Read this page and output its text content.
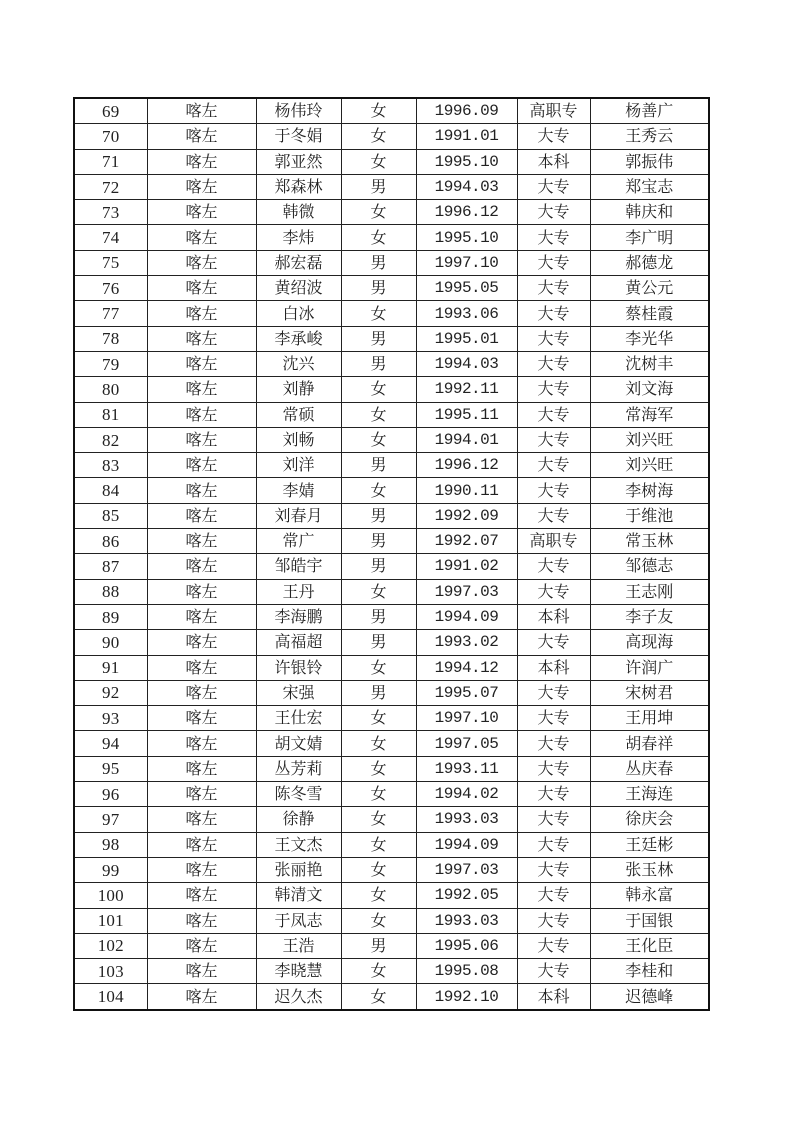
69	喀左	杨伟玲	女	1996.09	高职专	杨善广
70	喀左	于冬娟	女	1991.01	大专	王秀云
71	喀左	郭亚然	女	1995.10	本科	郭振伟
72	喀左	郑森林	男	1994.03	大专	郑宝志
73	喀左	韩微	女	1996.12	大专	韩庆和
74	喀左	李炜	女	1995.10	大专	李广明
75	喀左	郝宏磊	男	1997.10	大专	郝德龙
76	喀左	黄绍波	男	1995.05	大专	黄公元
77	喀左	白冰	女	1993.06	大专	蔡桂霞
78	喀左	李承峻	男	1995.01	大专	李光华
79	喀左	沈兴	男	1994.03	大专	沈树丰
80	喀左	刘静	女	1992.11	大专	刘文海
81	喀左	常硕	女	1995.11	大专	常海军
82	喀左	刘畅	女	1994.01	大专	刘兴旺
83	喀左	刘洋	男	1996.12	大专	刘兴旺
84	喀左	李婧	女	1990.11	大专	李树海
85	喀左	刘春月	男	1992.09	大专	于维池
86	喀左	常广	男	1992.07	高职专	常玉林
87	喀左	邹皓宇	男	1991.02	大专	邹德志
88	喀左	王丹	女	1997.03	大专	王志刚
89	喀左	李海鹏	男	1994.09	本科	李子友
90	喀左	高福超	男	1993.02	大专	高现海
91	喀左	许银铃	女	1994.12	本科	许润广
92	喀左	宋强	男	1995.07	大专	宋树君
93	喀左	王仕宏	女	1997.10	大专	王用坤
94	喀左	胡文婧	女	1997.05	大专	胡春祥
95	喀左	丛芳莉	女	1993.11	大专	丛庆春
96	喀左	陈冬雪	女	1994.02	大专	王海连
97	喀左	徐静	女	1993.03	大专	徐庆会
98	喀左	王文杰	女	1994.09	大专	王廷彬
99	喀左	张丽艳	女	1997.03	大专	张玉林
100	喀左	韩清文	女	1992.05	大专	韩永富
101	喀左	于凤志	女	1993.03	大专	于国银
102	喀左	王浩	男	1995.06	大专	王化臣
103	喀左	李晓慧	女	1995.08	大专	李桂和
104	喀左	迟久杰	女	1992.10	本科	迟德峰
